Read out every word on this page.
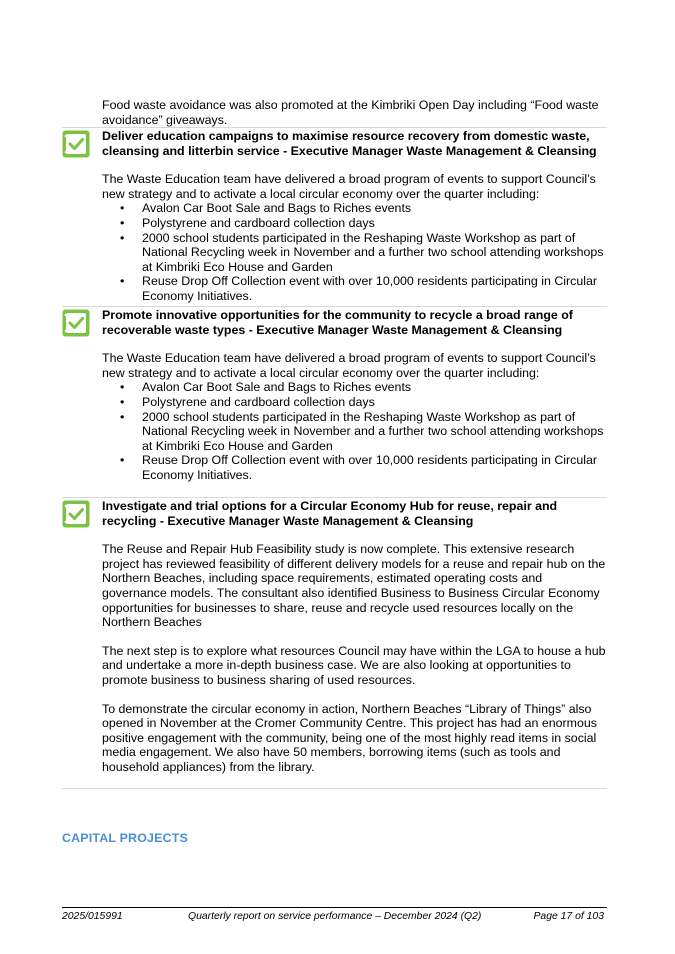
Food waste avoidance was also promoted at the Kimbriki Open Day including “Food waste avoidance” giveaways.

Deliver education campaigns to maximise resource recovery from domestic waste, cleansing and litterbin service - Executive Manager Waste Management & Cleansing

The Waste Education team have delivered a broad program of events to support Council’s new strategy and to activate a local circular economy over the quarter including:

• Avalon Car Boot Sale and Bags to Riches events
• Polystyrene and cardboard collection days
• 2000 school students participated in the Reshaping Waste Workshop as part of National Recycling week in November and a further two school attending workshops at Kimbriki Eco House and Garden
• Reuse Drop Off Collection event with over 10,000 residents participating in Circular Economy Initiatives.

Promote innovative opportunities for the community to recycle a broad range of recoverable waste types - Executive Manager Waste Management & Cleansing

The Waste Education team have delivered a broad program of events to support Council’s new strategy and to activate a local circular economy over the quarter including:

• Avalon Car Boot Sale and Bags to Riches events
• Polystyrene and cardboard collection days
• 2000 school students participated in the Reshaping Waste Workshop as part of National Recycling week in November and a further two school attending workshops at Kimbriki Eco House and Garden
• Reuse Drop Off Collection event with over 10,000 residents participating in Circular Economy Initiatives.

Investigate and trial options for a Circular Economy Hub for reuse, repair and recycling - Executive Manager Waste Management & Cleansing

The Reuse and Repair Hub Feasibility study is now complete. This extensive research project has reviewed feasibility of different delivery models for a reuse and repair hub on the Northern Beaches, including space requirements, estimated operating costs and governance models. The consultant also identified Business to Business Circular Economy opportunities for businesses to share, reuse and recycle used resources locally on the Northern Beaches

The next step is to explore what resources Council may have within the LGA to house a hub and undertake a more in-depth business case. We are also looking at opportunities to promote business to business sharing of used resources.

To demonstrate the circular economy in action, Northern Beaches “Library of Things” also opened in November at the Cromer Community Centre. This project has had an enormous positive engagement with the community, being one of the most highly read items in social media engagement. We also have 50 members, borrowing items (such as tools and household appliances) from the library.

CAPITAL PROJECTS
2025/015991	Quarterly report on service performance – December 2024 (Q2)	Page 17 of 103
